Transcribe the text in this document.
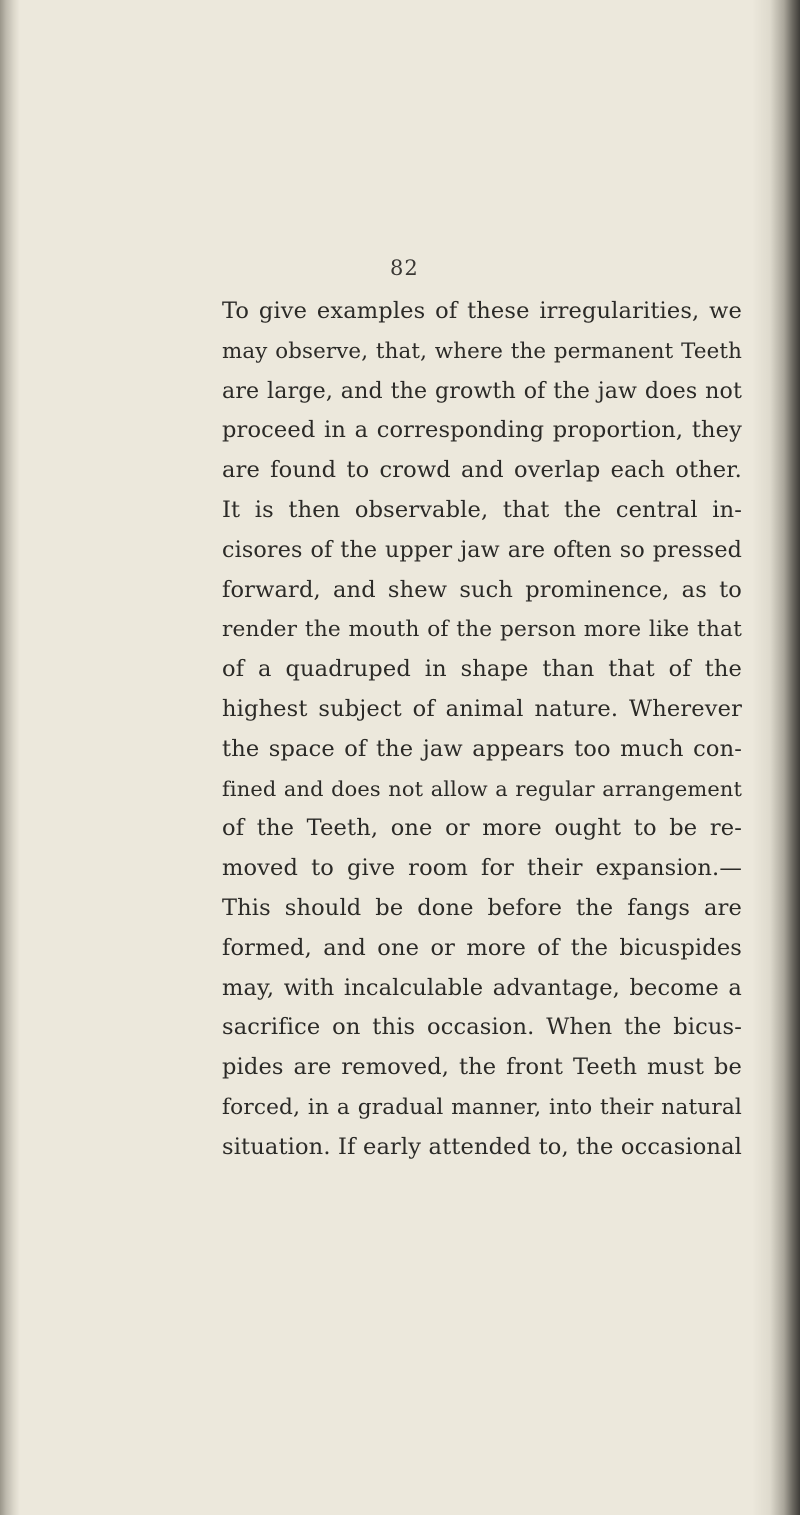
82
To give examples of these irregularities, we
may observe, that, where the permanent Teeth
are large, and the growth of the jaw does not
proceed in a corresponding proportion, they
are found to crowd and overlap each other.
It is then observable, that the central in-
cisores of the upper jaw are often so pressed
forward, and shew such prominence, as to
render the mouth of the person more like that
of a quadruped in shape than that of the
highest subject of animal nature. Wherever
the space of the jaw appears too much con-
fined and does not allow a regular arrangement
of the Teeth, one or more ought to be re-
moved to give room for their expansion.—
This should be done before the fangs are
formed, and one or more of the bicuspides
may, with incalculable advantage, become a
sacrifice on this occasion. When the bicus-
pides are removed, the front Teeth must be
forced, in a gradual manner, into their natural
situation. If early attended to, the occasional
